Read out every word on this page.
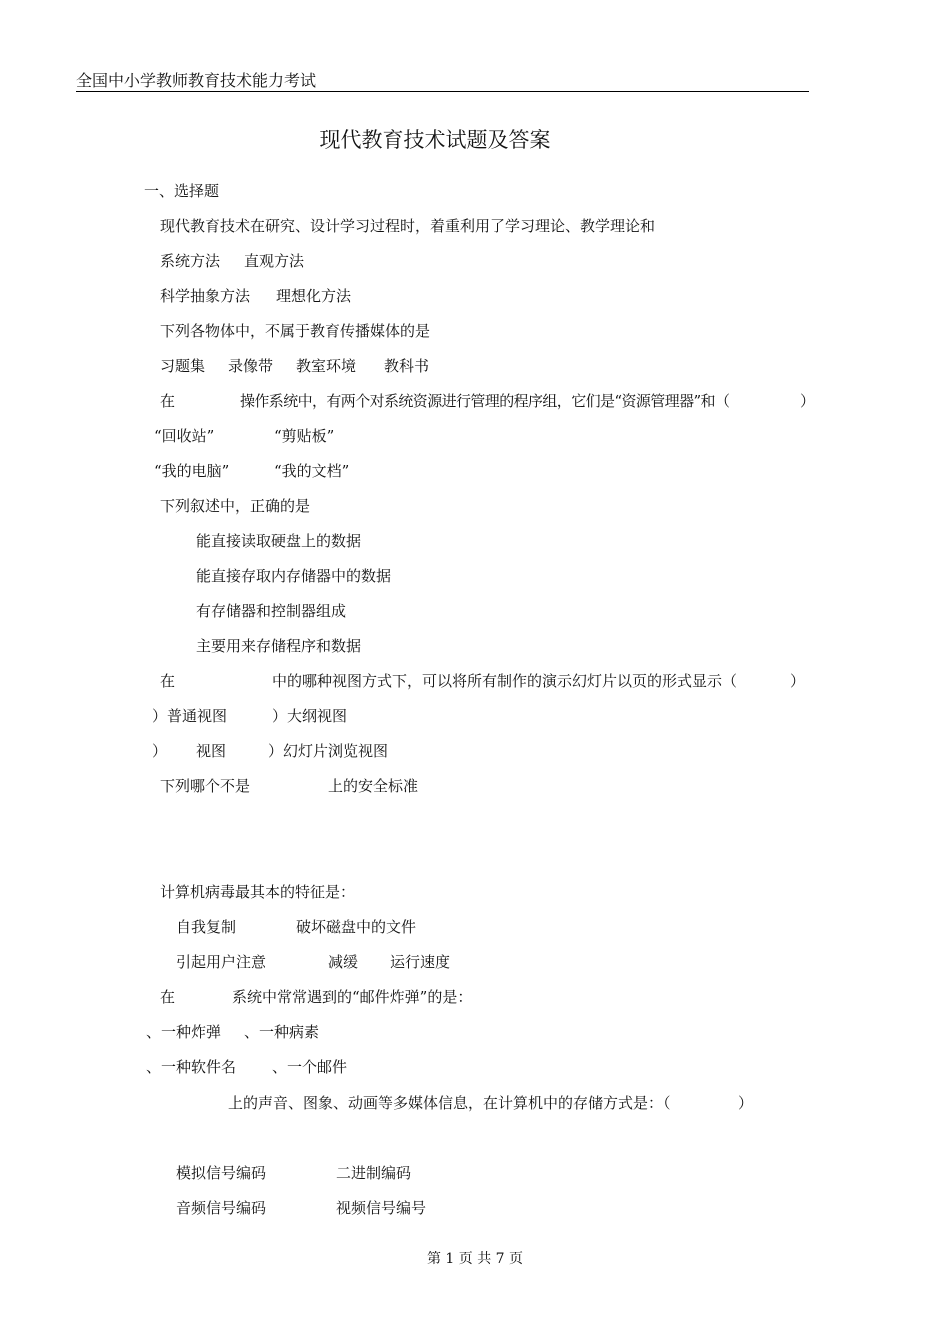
全国中小学教师教育技术能力考试
现代教育技术试题及答案
一、选择题
现代教育技术在研究、设计学习过程时，着重利用了学习理论、教学理论和
系统方法 直观方法
科学抽象方法 理想化方法
下列各物体中，不属于教育传播媒体的是
习题集 录像带 教室环境 教科书
在	操作系统中，有两个对系统资源进行管理的程序组，它们是“资源管理器”和（	）
“回收站”	“剪贴板”
“我的电脑”	“我的文档”
下列叙述中，正确的是
能直接读取硬盘上的数据
能直接存取内存储器中的数据
有存储器和控制器组成
主要用来存储程序和数据
在	中的哪种视图方式下，可以将所有制作的演示幻灯片以页的形式显示（	）
）普通视图	）大纲视图
） 视图	）幻灯片浏览视图
下列哪个不是	上的安全标准
计算机病毒最其本的特征是：
自我复制	破坏磁盘中的文件
引起用户注意	减缓 运行速度
在	系统中常常遇到的“邮件炸弹”的是：
、一种炸弹 、一种病素
、一种软件名 、一个邮件
上的声音、图象、动画等多媒体信息，在计算机中的存储方式是：（	）
模拟信号编码	二进制编码
音频信号编码	视频信号编号
第 1 页 共 7 页
